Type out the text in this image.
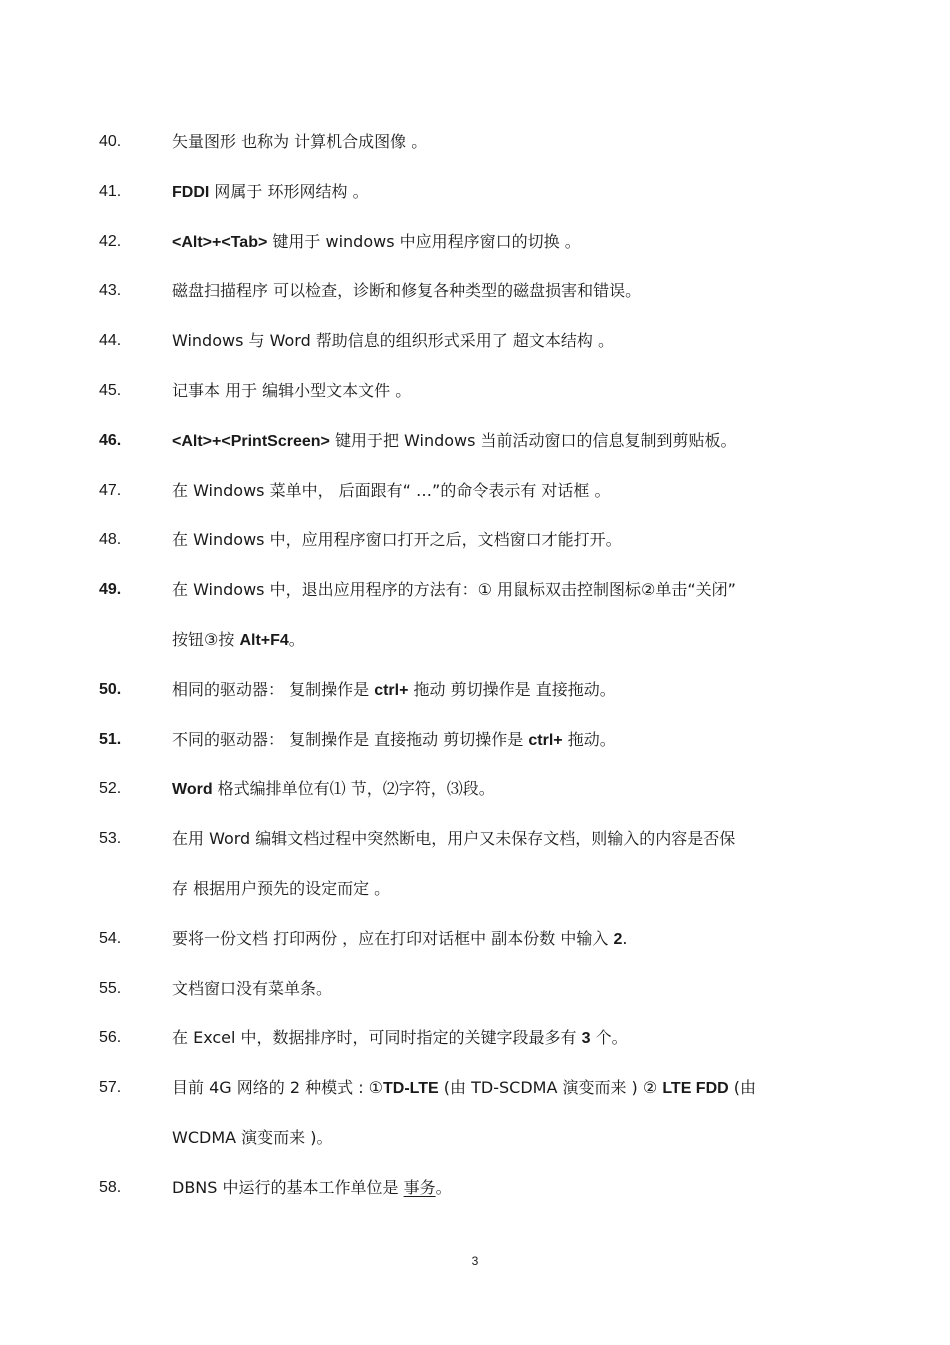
3
40.	矢量图形 也称为 计算机合成图像 。
41.	FDDI 网属于 环形网结构 。
42.	<Alt>+<Tab> 键用于 windows 中应用程序窗口的切换 。
43.	磁盘扫描程序 可以检查，诊断和修复各种类型的磁盘损害和错误。
44.	Windows 与 Word 帮助信息的组织形式采用了 超文本结构 。
45.	记事本 用于 编辑小型文本文件 。
46.	<Alt>+<PrintScreen> 键用于把 Windows 当前活动窗口的信息复制到剪贴板。
47.	在 Windows 菜单中， 后面跟有“ …”的命令表示有 对话框 。
48.	在 Windows 中，应用程序窗口打开之后，文档窗口才能打开。
49.	在 Windows 中，退出应用程序的方法有：① 用鼠标双击控制图标②单击“关闭”
按钮③按 Alt+F4。
50.	相同的驱动器： 复制操作是 ctrl+ 拖动 剪切操作是 直接拖动。
51.	不同的驱动器： 复制操作是 直接拖动 剪切操作是 ctrl+ 拖动。
52.	Word 格式编排单位有⑴ 节，⑵字符，⑶段。
53.	在用 Word 编辑文档过程中突然断电，用户又未保存文档，则输入的内容是否保
存 根据用户预先的设定而定 。
54.	要将一份文档 打印两份 ，应在打印对话框中 副本份数 中输入 2.
55.	文档窗口没有菜单条。
56.	在 Excel 中，数据排序时，可同时指定的关键字段最多有 3 个。
57.	目前 4G 网络的 2 种模式 : ①TD-LTE (由 TD-SCDMA 演变而来 ) ② LTE FDD (由
WCDMA 演变而来 )。
58.	DBNS 中运行的基本工作单位是 事务。
